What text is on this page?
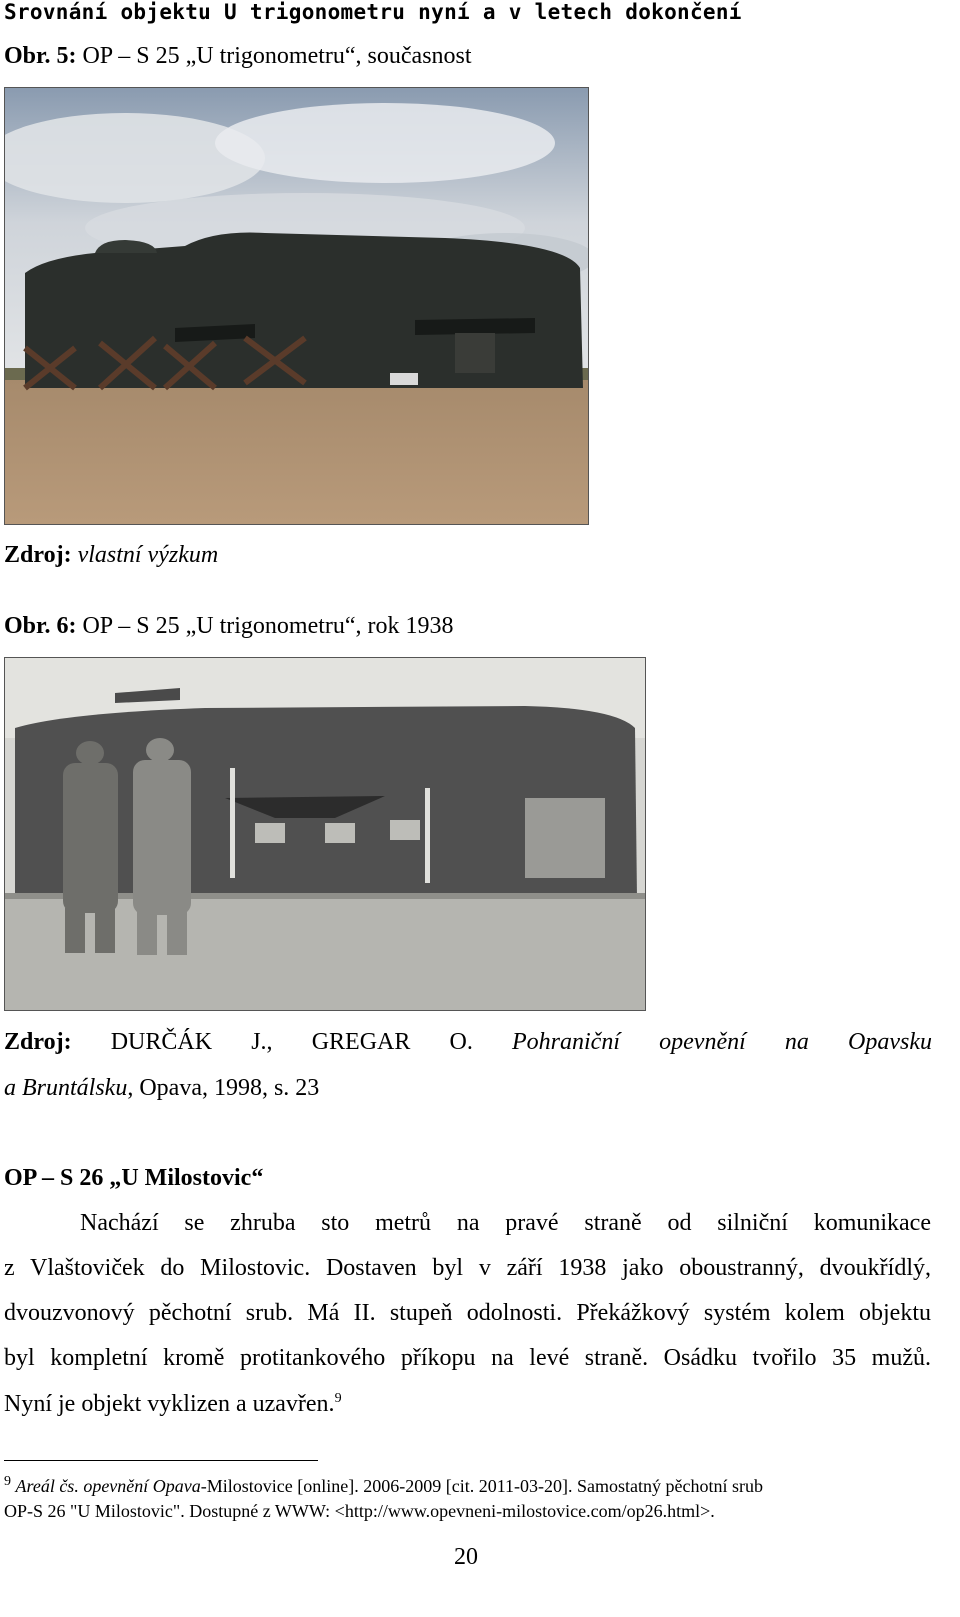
Srovnání objektu U trigonometru nyní a v letech dokončení
Obr. 5: OP – S 25 „U trigonometru“, současnost
Zdroj: vlastní výzkum
Obr. 6: OP – S 25 „U trigonometru“, rok 1938
Zdroj: DURČÁK J., GREGAR O. Pohraniční opevnění na Opavsku
a Bruntálsku, Opava, 1998, s. 23
OP – S 26 „U Milostovic“
Nachází se zhruba sto metrů na pravé straně od silniční komunikace
z Vlaštoviček do Milostovic. Dostaven byl v září 1938 jako oboustranný, dvoukřídlý,
dvouzvonový pěchotní srub. Má II. stupeň odolnosti. Překážkový systém kolem objektu
byl kompletní kromě protitankového příkopu na levé straně. Osádku tvořilo 35 mužů.
Nyní je objekt vyklizen a uzavřen.$^9$
$^9$ Areál čs. opevnění Opava-Milostovice [online]. 2006-2009 [cit. 2011-03-20]. Samostatný pěchotní srub
OP-S 26 "U Milostovic". Dostupné z WWW: <http://www.opevneni-milostovice.com/op26.html>.
20
